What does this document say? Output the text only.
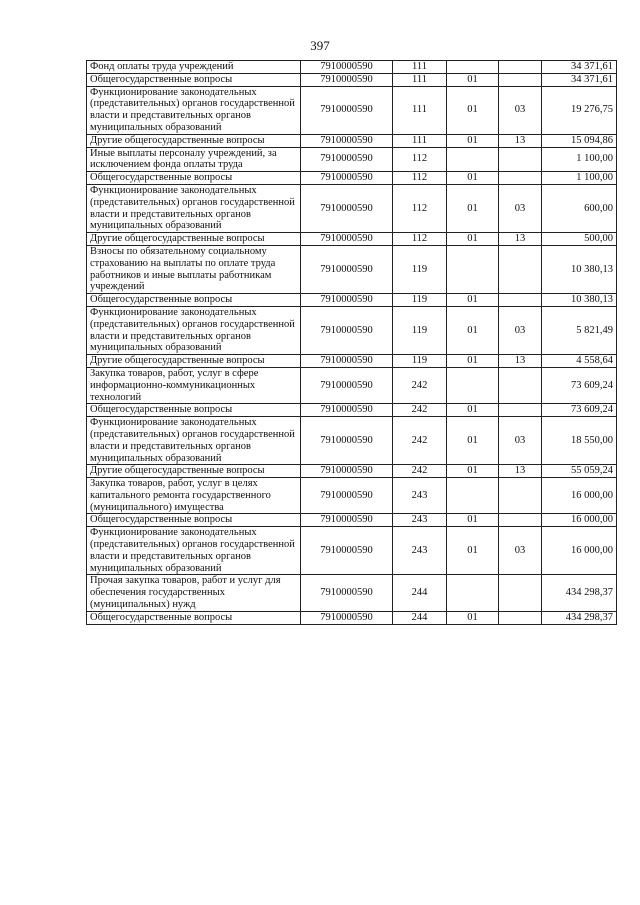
397
Фонд оплаты труда учреждений	7910000590	111			34 371,61
Общегосударственные вопросы	7910000590	111	01		34 371,61
Функционирование законодательных (представительных) органов государственной власти и представительных органов муниципальных образований	7910000590	111	01	03	19 276,75
Другие общегосударственные вопросы	7910000590	111	01	13	15 094,86
Иные выплаты персоналу учреждений, за исключением фонда оплаты труда	7910000590	112			1 100,00
Общегосударственные вопросы	7910000590	112	01		1 100,00
Функционирование законодательных (представительных) органов государственной власти и представительных органов муниципальных образований	7910000590	112	01	03	600,00
Другие общегосударственные вопросы	7910000590	112	01	13	500,00
Взносы по обязательному социальному страхованию на выплаты по оплате труда работников и иные выплаты работникам учреждений	7910000590	119			10 380,13
Общегосударственные вопросы	7910000590	119	01		10 380,13
Функционирование законодательных (представительных) органов государственной власти и представительных органов муниципальных образований	7910000590	119	01	03	5 821,49
Другие общегосударственные вопросы	7910000590	119	01	13	4 558,64
Закупка товаров, работ, услуг в сфере информационно-коммуникационных технологий	7910000590	242			73 609,24
Общегосударственные вопросы	7910000590	242	01		73 609,24
Функционирование законодательных (представительных) органов государственной власти и представительных органов муниципальных образований	7910000590	242	01	03	18 550,00
Другие общегосударственные вопросы	7910000590	242	01	13	55 059,24
Закупка товаров, работ, услуг в целях капитального ремонта государственного (муниципального) имущества	7910000590	243			16 000,00
Общегосударственные вопросы	7910000590	243	01		16 000,00
Функционирование законодательных (представительных) органов государственной власти и представительных органов муниципальных образований	7910000590	243	01	03	16 000,00
Прочая закупка товаров, работ и услуг для обеспечения государственных (муниципальных) нужд	7910000590	244			434 298,37
Общегосударственные вопросы	7910000590	244	01		434 298,37
